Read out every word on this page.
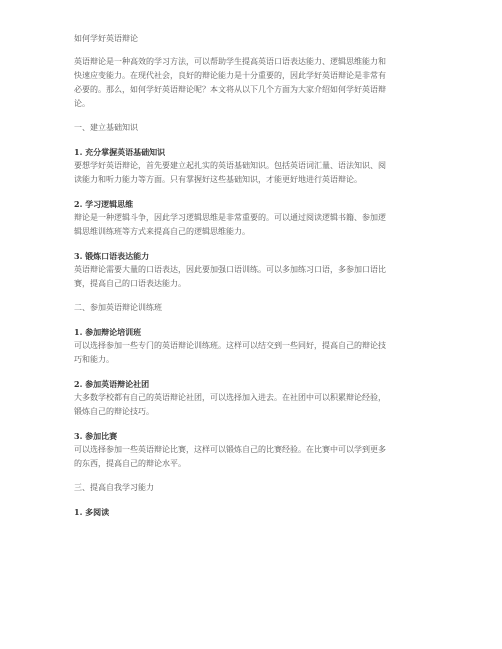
如何学好英语辩论

英语辩论是一种高效的学习方法，可以帮助学生提高英语口语表达能力、逻辑思维能力和

快速应变能力。在现代社会，良好的辩论能力是十分重要的，因此学好英语辩论是非常有

必要的。那么，如何学好英语辩论呢？本文将从以下几个方面为大家介绍如何学好英语辩

论。

一、建立基础知识

1. 充分掌握英语基础知识

要想学好英语辩论，首先要建立起扎实的英语基础知识。包括英语词汇量、语法知识、阅

读能力和听力能力等方面。只有掌握好这些基础知识，才能更好地进行英语辩论。

2. 学习逻辑思维

辩论是一种逻辑斗争，因此学习逻辑思维是非常重要的。可以通过阅读逻辑书籍、参加逻

辑思维训练班等方式来提高自己的逻辑思维能力。

3. 锻炼口语表达能力

英语辩论需要大量的口语表达，因此要加强口语训练。可以多加练习口语，多参加口语比

赛，提高自己的口语表达能力。

二、参加英语辩论训练班

1. 参加辩论培训班

可以选择参加一些专门的英语辩论训练班。这样可以结交到一些同好，提高自己的辩论技

巧和能力。

2. 参加英语辩论社团

大多数学校都有自己的英语辩论社团，可以选择加入进去。在社团中可以积累辩论经验，

锻炼自己的辩论技巧。

3. 参加比赛

可以选择参加一些英语辩论比赛，这样可以锻炼自己的比赛经验。在比赛中可以学到更多

的东西，提高自己的辩论水平。

三、提高自我学习能力

1. 多阅读
